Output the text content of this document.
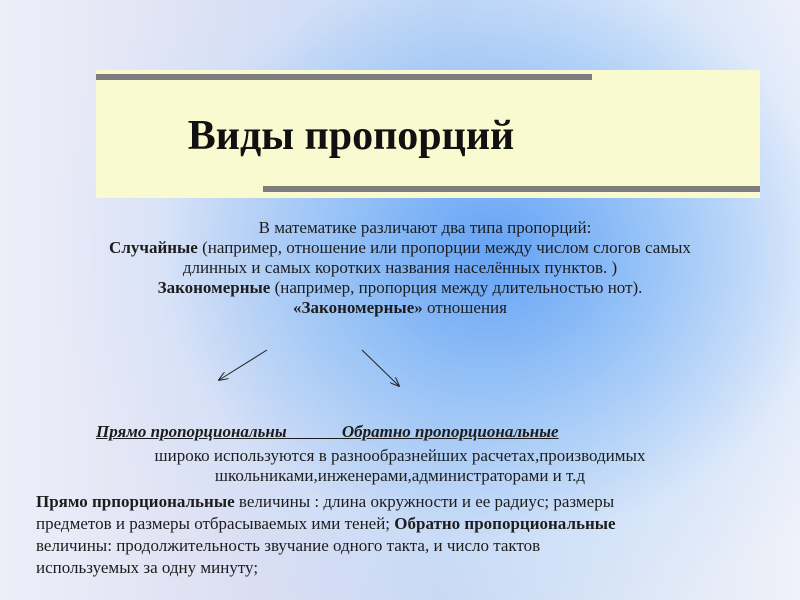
Виды пропорций
В математике различают два типа пропорций:
Случайные (например, отношение или пропорции между числом слогов самых
длинных и самых коротких названия населённых пунктов. )
Закономерные (например, пропорция между длительностью нот).
«Закономерные» отношения
Прямо пропорциональны	Обратно пропорциональные
широко используются в разнообразнейших расчетах,производимых
школьниками,инженерами,администраторами и т.д
Прямо прпорциональные величины : длина окружности и ее радиус; размеры
предметов и размеры отбрасываемых ими теней; Обратно пропорциональные
величины: продолжительность звучание одного такта, и число тактов
используемых за одну минуту;
